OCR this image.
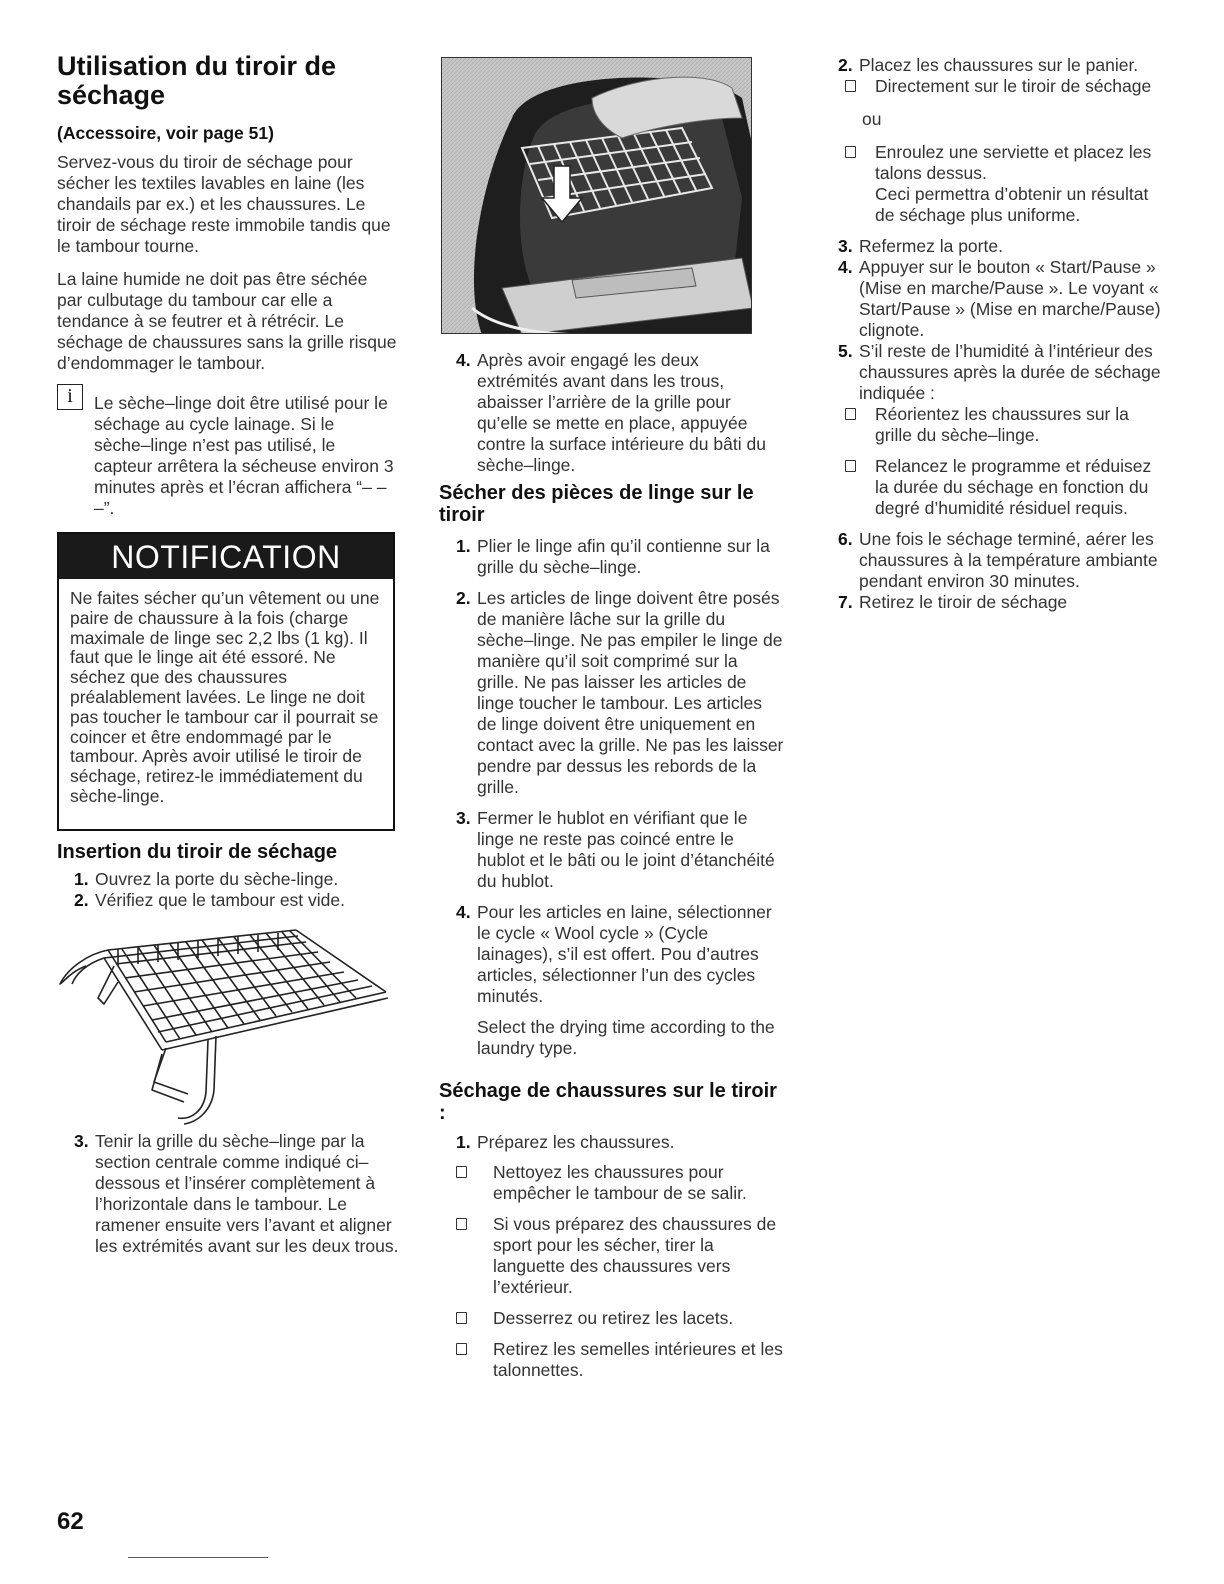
Utilisation du tiroir de séchage

(Accessoire, voir page 51)

Servez-vous du tiroir de séchage pour sécher les textiles lavables en laine (les chandails par ex.) et les chaussures. Le tiroir de séchage reste immobile tandis que le tambour tourne.

La laine humide ne doit pas être séchée par culbutage du tambour car elle a tendance à se feutrer et à rétrécir. Le séchage de chaussures sans la grille risque d’endommager le tambour.

i	Le sèche–linge doit être utilisé pour le séchage au cycle lainage. Si le sèche–linge n’est pas utilisé, le capteur arrêtera la sécheuse environ 3 minutes après et l’écran affichera “– – –”.
NOTIFICATION
Ne faites sécher qu’un vêtement ou une paire de chaussure à la fois (charge maximale de linge sec 2,2 lbs (1 kg). Il faut que le linge ait été essoré. Ne séchez que des chaussures préalablement lavées. Le linge ne doit pas toucher le tambour car il pourrait se coincer et être endommagé par le tambour. Après avoir utilisé le tiroir de séchage, retirez-le immédiatement du sèche-linge.
Insertion du tiroir de séchage
1. Ouvrez la porte du sèche-linge.
2. Vérifiez que le tambour est vide.
3. Tenir la grille du sèche–linge par la section centrale comme indiqué ci–dessous et l’insérer complètement à l’horizontale dans le tambour. Le ramener ensuite vers l’avant et aligner les extrémités avant sur les deux trous.
4. Après avoir engagé les deux extrémités avant dans les trous, abaisser l’arrière de la grille pour qu’elle se mette en place, appuyée contre la surface intérieure du bâti du sèche–linge.
Sécher des pièces de linge sur le tiroir
1. Plier le linge afin qu’il contienne sur la grille du sèche–linge.
2. Les articles de linge doivent être posés de manière lâche sur la grille du sèche–linge. Ne pas empiler le linge de manière qu’il soit comprimé sur la grille. Ne pas laisser les articles de linge toucher le tambour. Les articles de linge doivent être uniquement en contact avec la grille. Ne pas les laisser pendre par dessus les rebords de la grille.
3. Fermer le hublot en vérifiant que le linge ne reste pas coincé entre le hublot et le bâti ou le joint d’étanchéité du hublot.
4. Pour les articles en laine, sélectionner le cycle « Wool cycle » (Cycle lainages), s’il est offert. Pou d’autres articles, sélectionner l’un des cycles minutés.

Select the drying time according to the laundry type.

Séchage de chaussures sur le tiroir :
1. Préparez les chaussures.
Nettoyez les chaussures pour empêcher le tambour de se salir.
Si vous préparez des chaussures de sport pour les sécher, tirer la languette des chaussures vers l’extérieur.
Desserrez ou retirez les lacets.
Retirez les semelles intérieures et les talonnettes.
2. Placez les chaussures sur le panier.
Directement sur le tiroir de séchage

ou

Enroulez une serviette et placez les talons dessus.

Ceci permettra d’obtenir un résultat de séchage plus uniforme.

3. Refermez la porte.
4. Appuyer sur le bouton « Start/Pause » (Mise en marche/Pause ». Le voyant « Start/Pause » (Mise en marche/Pause) clignote.
5. S’il reste de l’humidité à l’intérieur des chaussures après la durée de séchage indiquée :
Réorientez les chaussures sur la grille du sèche–linge.
Relancez le programme et réduisez la durée du séchage en fonction du degré d’humidité résiduel requis.
6. Une fois le séchage terminé, aérer les chaussures à la température ambiante pendant environ 30 minutes.
7. Retirez le tiroir de séchage
62
